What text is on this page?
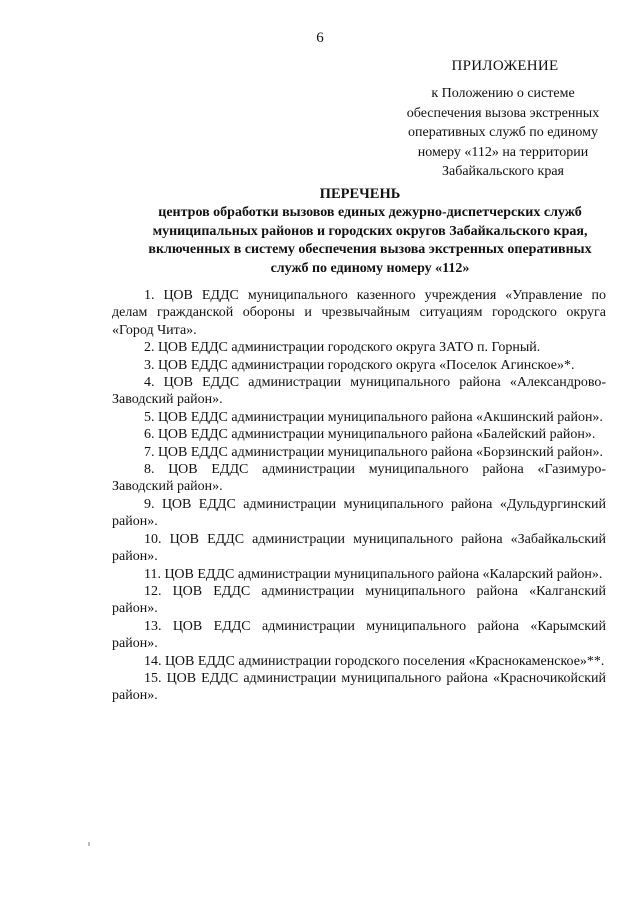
6
ПРИЛОЖЕНИЕ
к Положению о системе
обеспечения вызова экстренных
оперативных служб по единому
номеру «112» на территории
Забайкальского края
ПЕРЕЧЕНЬ
центров обработки вызовов единых дежурно-диспетчерских служб
муниципальных районов и городских округов Забайкальского края,
включенных в систему обеспечения вызова экстренных оперативных
служб по единому номеру «112»

1. ЦОВ ЕДДС муниципального казенного учреждения «Управление по делам гражданской обороны и чрезвычайным ситуациям городского округа «Город Чита».

2. ЦОВ ЕДДС администрации городского округа ЗАТО п. Горный.

3. ЦОВ ЕДДС администрации городского округа «Поселок Агинское»*.

4. ЦОВ ЕДДС администрации муниципального района «Александрово-Заводский район».

5. ЦОВ ЕДДС администрации муниципального района «Акшинский район».

6. ЦОВ ЕДДС администрации муниципального района «Балейский район».

7. ЦОВ ЕДДС администрации муниципального района «Борзинский район».

8. ЦОВ ЕДДС администрации муниципального района «Газимуро-Заводский район».

9. ЦОВ ЕДДС администрации муниципального района «Дульдургинский район».

10. ЦОВ ЕДДС администрации муниципального района «Забайкальский район».

11. ЦОВ ЕДДС администрации муниципального района «Каларский район».

12. ЦОВ ЕДДС администрации муниципального района «Калганский район».

13. ЦОВ ЕДДС администрации муниципального района «Карымский район».

14. ЦОВ ЕДДС администрации городского поселения «Краснокаменское»**.

15. ЦОВ ЕДДС администрации муниципального района «Красночикойский район».
